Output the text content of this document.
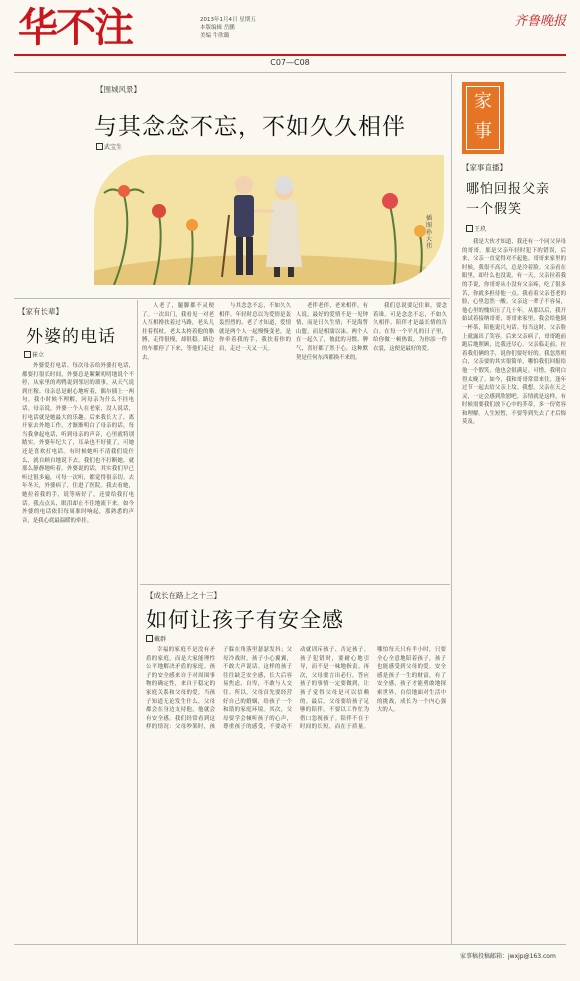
华不注	2013年1月4日 星期五
本版编辑 岳鹏
美编 牛欣璐
齐鲁晚报
C07—C08
【 围城风景 】
与其念念不忘，不如久久相伴
武宝生
插图 孙大伟

人老了，腿脚都不灵便了。一次出门，我看见一对老人互相搀扶着过马路，老头儿拄着拐杖，老太太挎着他的胳膊，走得很慢，却很稳。路边的车都停了下来，等他们走过去。

与其念念不忘，不如久久相伴。年轻时总以为爱情是轰轰烈烈的，老了才知道，爱情就是两个人一起慢慢变老，是你牵着我的手，我扶着你的肩，走过一天又一天。

老伴老伴，老来相伴。有人说，最好的爱情不是一见钟情，而是日久生情；不是海誓山盟，而是相濡以沫。两个人在一起久了，彼此的习惯、脾气、喜好都了然于心，这种默契是任何东西都换不来的。

我们总说要记住谁，要念着谁。可是念念不忘，不如久久相伴。陪伴才是最长情的告白。在每一个平凡的日子里，给你做一顿热饭，为你添一件衣裳，这便是最好的爱。

【 家有长辈 】
外婆的电话
崔立

外婆爱打电话。每次母亲给外婆打电话，都要打很长时间，外婆总是絮絮叨叨地说个不停，从家里的鸡鸭说到邻居的琐事，从天气说到庄稼。母亲总是耐心地听着，偶尔插上一两句。我小时候不理解，问母亲为什么不挂电话。母亲说，外婆一个人在老家，没人说话，打电话就是她最大的乐趣。后来我长大了，离开家去外地工作，才渐渐明白了母亲的话。每当我拿起电话，听到母亲的声音，心里就特别踏实。外婆年纪大了，耳朵也不好使了，可她还是喜欢打电话。有时候她听不清我们说什么，就自顾自地说下去。我们也不打断她，就那么静静地听着。外婆说的话，其实我们早已听过很多遍，可每一次听，都觉得很亲切。去年冬天，外婆病了，住进了医院。我去看她，她拉着我的手，说等病好了，还要给我打电话。我点点头，眼泪却止不住地流下来。如今外婆的电话依旧每周准时响起，那熟悉的声音，是我心底最温暖的牵挂。

【 成长在路上之十三 】
如何让孩子有安全感
戴群

幸福的家庭不是没有矛盾的家庭，而是大家能理性公平地解决矛盾的家庭。孩子的安全感来自于对周围事物的确定性，来自于稳定的家庭关系和父母的爱。当孩子知道无论发生什么，父母都会在身边支持他，他就会有安全感。我们经常看到这样的情况：父母吵架时，孩子躲在角落里瑟瑟发抖；父母冷战时，孩子小心翼翼，不敢大声说话。这样的孩子往往缺乏安全感，长大后容易焦虑、自卑，不敢与人交往。所以，父母首先要经营好自己的婚姻，给孩子一个和谐的家庭环境。其次，父母要学会倾听孩子的心声，尊重孩子的感受，不要动不动就训斥孩子、否定孩子。孩子犯错时，要耐心地引导，而不是一味地指责。再次，父母要言出必行，答应孩子的事情一定要做到，让孩子觉得父母是可以信赖的。最后，父母要给孩子足够的陪伴，不要以工作忙为借口忽视孩子。陪伴不在于时间的长短，而在于质量。哪怕每天只有半小时，只要全心全意地陪着孩子，孩子也能感受到父母的爱。安全感是孩子一生的财富，有了安全感，孩子才能勇敢地探索世界，自信地面对生活中的挑战，成长为一个内心强大的人。

家事
【 家事直播 】
哪怕回报父亲
一个假笑
王玖

我是大伙才知道，我还有一个同父异母的哥哥。那是父亲年轻时犯下的错误，后来，父亲一直觉得对不起他。哥哥来家里的时候，我很不高兴，总是冷着脸。父亲看在眼里，却什么也没说。有一天，父亲拉着我的手说，你哥哥从小没有父亲疼，吃了很多苦，你就多担待他一点。我看着父亲苍老的脸，心里忽然一酸。父亲这一辈子不容易，他心里的愧疚压了几十年。从那以后，我开始试着接纳哥哥，哥哥来家里，我会给他倒一杯茶，陪他说几句话。每当这时，父亲脸上就露出了笑容。后来父亲病了，哥哥跑前跑后地照顾，比我还尽心。父亲临走前，拉着我们俩的手，说你们要好好的。我忽然明白，父亲要的其实很简单，哪怕我们回报给他一个假笑，他也会很满足。可惜，我明白得太晚了。如今，我和哥哥常常来往，逢年过节一起去给父亲上坟。我想，父亲在天之灵，一定会感到欣慰吧。亲情就是这样，有时候需要我们放下心中的芥蒂，多一份宽容和理解。人生短暂，不要等到失去了才后悔莫及。

家事稿投稿邮箱：jwxjp@163.com
